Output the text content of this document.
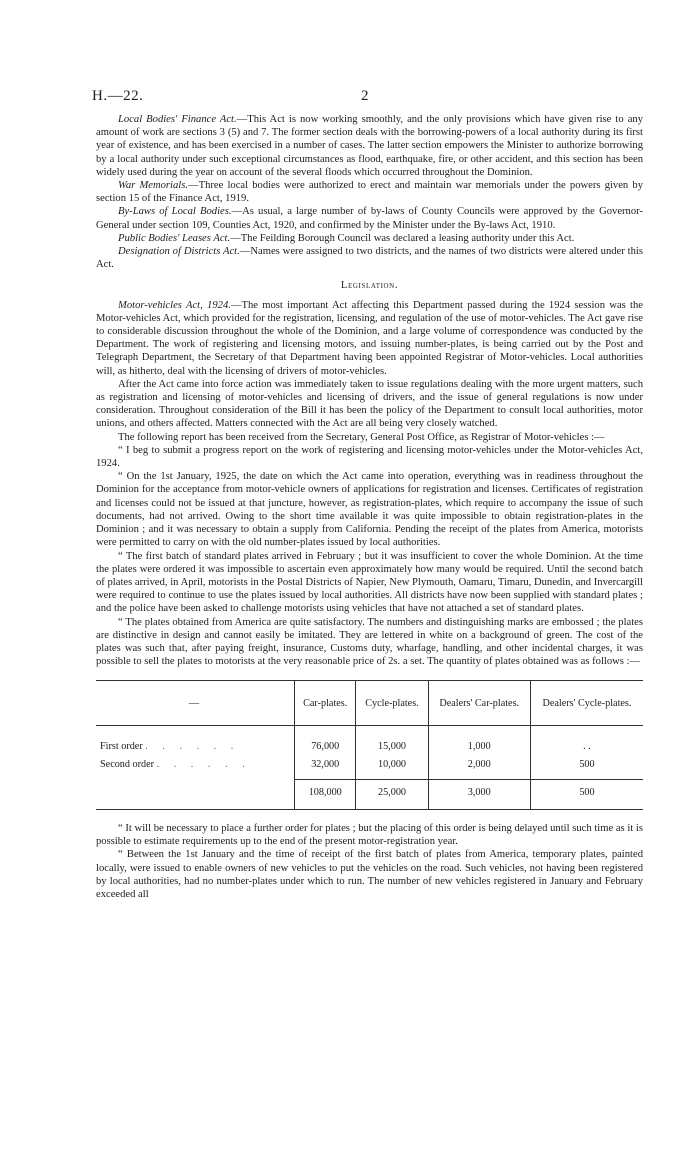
H.—22.	2

Local Bodies' Finance Act.—This Act is now working smoothly, and the only provisions which have given rise to any amount of work are sections 3 (5) and 7. The former section deals with the borrowing-powers of a local authority during its first year of existence, and has been exercised in a number of cases. The latter section empowers the Minister to authorize borrowing by a local authority under such exceptional circumstances as flood, earthquake, fire, or other accident, and this section has been widely used during the year on account of the several floods which occurred throughout the Dominion.

War Memorials.—Three local bodies were authorized to erect and maintain war memorials under the powers given by section 15 of the Finance Act, 1919.

By-Laws of Local Bodies.—As usual, a large number of by-laws of County Councils were approved by the Governor-General under section 109, Counties Act, 1920, and confirmed by the Minister under the By-laws Act, 1910.

Public Bodies' Leases Act.—The Feilding Borough Council was declared a leasing authority under this Act.

Designation of Districts Act.—Names were assigned to two districts, and the names of two districts were altered under this Act.

Legislation.

Motor-vehicles Act, 1924.—The most important Act affecting this Department passed during the 1924 session was the Motor-vehicles Act, which provided for the registration, licensing, and regulation of the use of motor-vehicles. The Act gave rise to considerable discussion throughout the whole of the Dominion, and a large volume of correspondence was conducted by the Department. The work of registering and licensing motors, and issuing number-plates, is being carried out by the Post and Telegraph Department, the Secretary of that Department having been appointed Registrar of Motor-vehicles. Local authorities will, as hitherto, deal with the licensing of drivers of motor-vehicles.

After the Act came into force action was immediately taken to issue regulations dealing with the more urgent matters, such as registration and licensing of motor-vehicles and licensing of drivers, and the issue of general regulations is now under consideration. Throughout consideration of the Bill it has been the policy of the Department to consult local authorities, motor unions, and others affected. Matters connected with the Act are all being very closely watched.

The following report has been received from the Secretary, General Post Office, as Registrar of Motor-vehicles :—

“ I beg to submit a progress report on the work of registering and licensing motor-vehicles under the Motor-vehicles Act, 1924.

“ On the 1st January, 1925, the date on which the Act came into operation, everything was in readiness throughout the Dominion for the acceptance from motor-vehicle owners of applications for registration and licenses. Certificates of registration and licenses could not be issued at that juncture, however, as registration-plates, which require to accompany the issue of such documents, had not arrived. Owing to the short time available it was quite impossible to obtain registration-plates in the Dominion ; and it was necessary to obtain a supply from California. Pending the receipt of the plates from America, motorists were permitted to carry on with the old number-plates issued by local authorities.

“ The first batch of standard plates arrived in February ; but it was insufficient to cover the whole Dominion. At the time the plates were ordered it was impossible to ascertain even approximately how many would be required. Until the second batch of plates arrived, in April, motorists in the Postal Districts of Napier, New Plymouth, Oamaru, Timaru, Dunedin, and Invercargill were required to continue to use the plates issued by local authorities. All districts have now been supplied with standard plates ; and the police have been asked to challenge motorists using vehicles that have not attached a set of standard plates.

“ The plates obtained from America are quite satisfactory. The numbers and distinguishing marks are embossed ; the plates are distinctive in design and cannot easily be imitated. They are lettered in white on a background of green. The cost of the plates was such that, after paying freight, insurance, Customs duty, wharfage, handling, and other incidental charges, it was possible to sell the plates to motorists at the very reasonable price of 2s. a set. The quantity of plates obtained was as follows :—

—	Car-plates.	Cycle-plates.	Dealers' Car-plates.	Dealers' Cycle-plates.
First order . . . . . .	76,000	15,000	1,000	. .
Second order . . . . . .	32,000	10,000	2,000	500
	108,000	25,000	3,000	500

“ It will be necessary to place a further order for plates ; but the placing of this order is being delayed until such time as it is possible to estimate requirements up to the end of the present motor-registration year.

“ Between the 1st January and the time of receipt of the first batch of plates from America, temporary plates, painted locally, were issued to enable owners of new vehicles to put the vehicles on the road. Such vehicles, not having been registered by local authorities, had no number-plates under which to run. The number of new vehicles registered in January and February exceeded all
